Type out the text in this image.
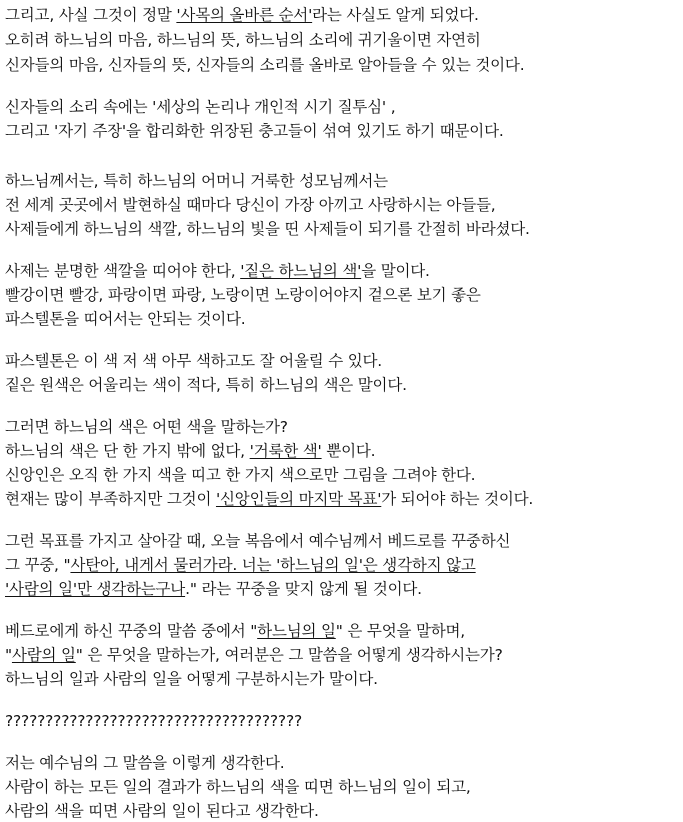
그리고, 사실 그것이 정말 '사목의 올바른 순서'라는 사실도 알게 되었다.
오히려 하느님의 마음, 하느님의 뜻, 하느님의 소리에 귀기울이면 자연히
신자들의 마음, 신자들의 뜻, 신자들의 소리를 올바로 알아들을 수 있는 것이다.
신자들의 소리 속에는 '세상의 논리나 개인적 시기 질투심' ,
그리고 '자기 주장'을 합리화한 위장된 충고들이 섞여 있기도 하기 때문이다.
하느님께서는, 특히 하느님의 어머니 거룩한 성모님께서는
전 세계 곳곳에서 발현하실 때마다 당신이 가장 아끼고 사랑하시는 아들들,
사제들에게 하느님의 색깔, 하느님의 빛을 띤 사제들이 되기를 간절히 바라셨다.
사제는 분명한 색깔을 띠어야 한다, '짙은 하느님의 색'을 말이다.
빨강이면 빨강, 파랑이면 파랑, 노랑이면 노랑이어야지 겉으론 보기 좋은
파스텔톤을 띠어서는 안되는 것이다.
파스텔톤은 이 색 저 색 아무 색하고도 잘 어울릴 수 있다.
짙은 원색은 어울리는 색이 적다, 특히 하느님의 색은 말이다.
그러면 하느님의 색은 어떤 색을 말하는가?
하느님의 색은 단 한 가지 밖에 없다, '거룩한 색' 뿐이다.
신앙인은 오직 한 가지 색을 띠고 한 가지 색으로만 그림을 그려야 한다.
현재는 많이 부족하지만 그것이 '신앙인들의 마지막 목표'가 되어야 하는 것이다.
그런 목표를 가지고 살아갈 때, 오늘 복음에서 예수님께서 베드로를 꾸중하신
그 꾸중, "사탄아, 내게서 물러가라. 너는 '하느님의 일'은 생각하지 않고
'사람의 일'만 생각하는구나." 라는 꾸중을 맞지 않게 될 것이다.
베드로에게 하신 꾸중의 말씀 중에서 "하느님의 일" 은 무엇을 말하며,
"사람의 일" 은 무엇을 말하는가, 여러분은 그 말씀을 어떻게 생각하시는가?
하느님의 일과 사람의 일을 어떻게 구분하시는가 말이다.
?????????????????????????????????????
저는 예수님의 그 말씀을 이렇게 생각한다.
사람이 하는 모든 일의 결과가 하느님의 색을 띠면 하느님의 일이 되고,
사람의 색을 띠면 사람의 일이 된다고 생각한다.
